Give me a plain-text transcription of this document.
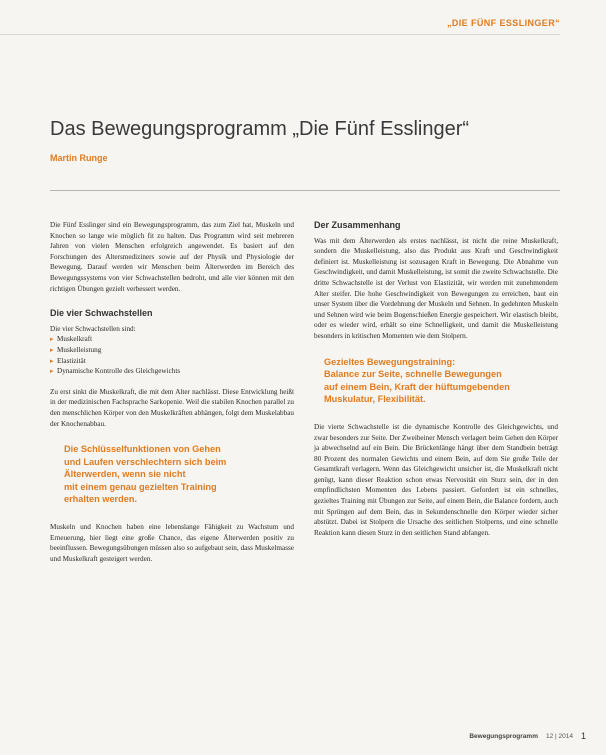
„DIE FÜNF ESSLINGER“
Das Bewegungsprogramm „Die Fünf Esslinger“
Martin Runge

Die Fünf Esslinger sind ein Bewegungsprogramm, das zum Ziel hat, Muskeln und Knochen so lange wie möglich fit zu halten. Das Programm wird seit mehreren Jahren von vielen Menschen erfolgreich angewendet. Es basiert auf den Forschungen des Altersmediziners sowie auf der Physik und Physiologie der Bewegung. Darauf werden wir Menschen beim Älterwerden im Bereich des Bewegungssystems von vier Schwachstellen bedroht, und alle vier können mit den richtigen Übungen gezielt verbessert werden.

Die vier Schwachstellen
Die vier Schwachstellen sind:
▸ Muskelkraft
▸ Muskelleistung
▸ Elastizität
▸ Dynamische Kontrolle des Gleichgewichts

Zu erst sinkt die Muskelkraft, die mit dem Alter nachlässt. Diese Entwicklung heißt in der medizinischen Fachsprache Sarkopenie. Weil die stabilen Knochen parallel zu den menschlichen Körper von den Muskelkräften abhängen, folgt dem Muskelabbau der Knochenabbau.

Die Schlüsselfunktionen von Gehen
und Laufen verschlechtern sich beim
Älterwerden, wenn sie nicht
mit einem genau gezielten Training
erhalten werden.

Muskeln und Knochen haben eine lebenslange Fähigkeit zu Wachstum und Erneuerung, hier liegt eine große Chance, das eigene Älterwerden positiv zu beeinflussen. Bewegungsübungen müssen also so aufgebaut sein, dass Muskelmasse und Muskelkraft gesteigert werden.

Der Zusammenhang

Was mit dem Älterwerden als erstes nachlässt, ist nicht die reine Muskelkraft, sondern die Muskelleistung, also das Produkt aus Kraft und Geschwindigkeit definiert ist. Muskelleistung ist sozusagen Kraft in Bewegung. Die Abnahme von Geschwindigkeit, und damit Muskelleistung, ist somit die zweite Schwachstelle. Die dritte Schwachstelle ist der Verlust von Elastizität, wir werden mit zunehmendem Alter steifer. Die hohe Geschwindigkeit von Bewegungen zu erreichen, baut ein unser System über die Vordehnung der Muskeln und Sehnen. In gedehnten Muskeln und Sehnen wird wie beim Bogenschießen Energie gespeichert. Wir elastisch bleibt, oder es wieder wird, erhält so eine Schnelligkeit, und damit die Muskelleistung besonders in kritischen Momenten wie dem Stolpern.

Gezieltes Bewegungstraining:
Balance zur Seite, schnelle Bewegungen
auf einem Bein, Kraft der hüftumgebenden
Muskulatur, Flexibilität.

Die vierte Schwachstelle ist die dynamische Kontrolle des Gleichgewichts, und zwar besonders zur Seite. Der Zweibeiner Mensch verlagert beim Gehen den Körper ja abwechselnd auf ein Bein. Die Brückenlänge hängt über dem Standbein beträgt 80 Prozent des normalen Gewichts und einem Bein, auf dem Sie große Teile der Gesamtkraft verlagern. Wenn das Gleichgewicht unsicher ist, die Muskelkraft nicht genügt, kann dieser Reaktion schon etwas Nervosität ein Sturz sein, der in den empfindlichsten Momenten des Lebens passiert. Gefordert ist ein schnelles, gezieltes Training mit Übungen zur Seite, auf einem Bein, die Balance fordern, auch mit Sprüngen auf dem Bein, das in Sekundenschnelle den Körper wieder sicher abstützt. Dabei ist Stolpern die Ursache des seitlichen Stolperns, und eine schnelle Reaktion kann diesen Sturz in den seitlichen Stand abfangen.

Bewegungsprogramm 12 | 2014 1
